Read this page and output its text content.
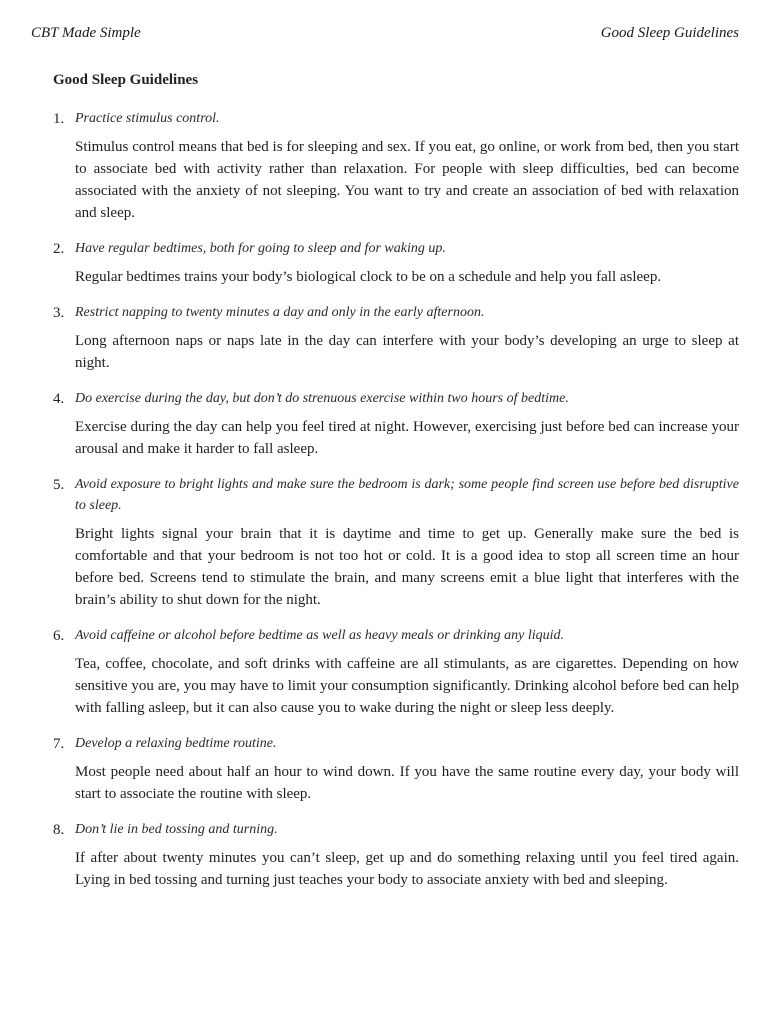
CBT Made Simple	Good Sleep Guidelines
Good Sleep Guidelines
1. Practice stimulus control.

Stimulus control means that bed is for sleeping and sex. If you eat, go online, or work from bed, then you start to associate bed with activity rather than relaxation. For people with sleep difficulties, bed can become associated with the anxiety of not sleeping. You want to try and create an association of bed with relaxation and sleep.

2. Have regular bedtimes, both for going to sleep and for waking up.

Regular bedtimes trains your body’s biological clock to be on a schedule and help you fall asleep.

3. Restrict napping to twenty minutes a day and only in the early afternoon.

Long afternoon naps or naps late in the day can interfere with your body’s developing an urge to sleep at night.

4. Do exercise during the day, but don’t do strenuous exercise within two hours of bedtime.

Exercise during the day can help you feel tired at night. However, exercising just before bed can increase your arousal and make it harder to fall asleep.

5. Avoid exposure to bright lights and make sure the bedroom is dark; some people find screen use before bed disruptive to sleep.

Bright lights signal your brain that it is daytime and time to get up. Generally make sure the bed is comfortable and that your bedroom is not too hot or cold. It is a good idea to stop all screen time an hour before bed. Screens tend to stimulate the brain, and many screens emit a blue light that interferes with the brain’s ability to shut down for the night.

6. Avoid caffeine or alcohol before bedtime as well as heavy meals or drinking any liquid.

Tea, coffee, chocolate, and soft drinks with caffeine are all stimulants, as are cigarettes. Depending on how sensitive you are, you may have to limit your consumption significantly. Drinking alcohol before bed can help with falling asleep, but it can also cause you to wake during the night or sleep less deeply.

7. Develop a relaxing bedtime routine.

Most people need about half an hour to wind down. If you have the same routine every day, your body will start to associate the routine with sleep.

8. Don’t lie in bed tossing and turning.

If after about twenty minutes you can’t sleep, get up and do something relaxing until you feel tired again. Lying in bed tossing and turning just teaches your body to associate anxiety with bed and sleeping.
